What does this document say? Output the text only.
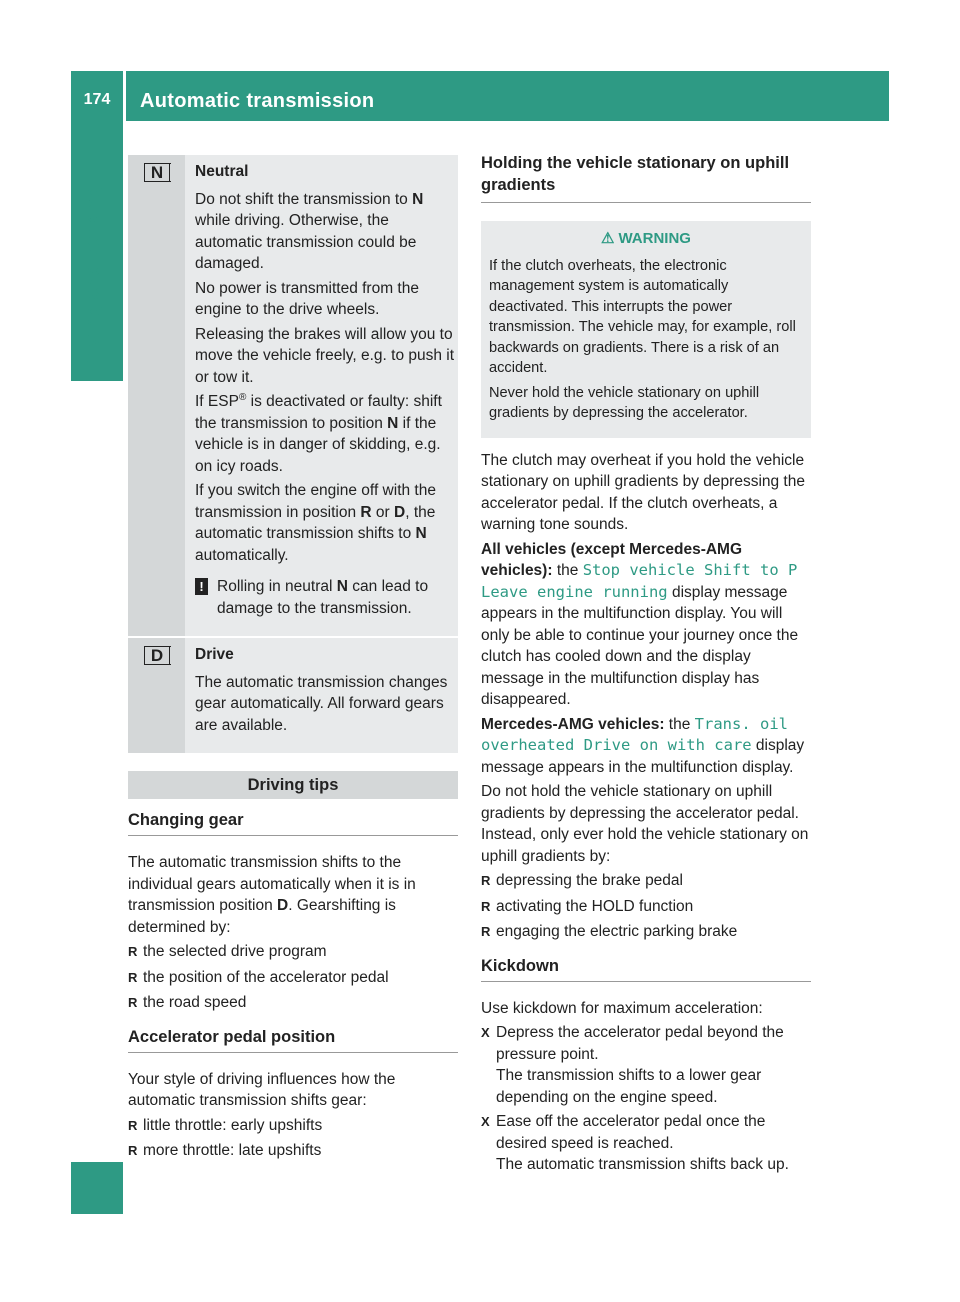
174	Automatic transmission
Driving and parking
N	Neutral

Do not shift the transmission to N while driving. Otherwise, the automatic transmission could be damaged.

No power is transmitted from the engine to the drive wheels.

Releasing the brakes will allow you to move the vehicle freely, e.g. to push it or tow it.

If ESP® is deactivated or faulty: shift the transmission to position N if the vehicle is in danger of skidding, e.g. on icy roads.

If you switch the engine off with the transmission in position R or D, the automatic transmission shifts to N automatically.

! Rolling in neutral N can lead to damage to the transmission.

D	Drive

The automatic transmission changes gear automatically. All forward gears are available.

Driving tips
Changing gear

The automatic transmission shifts to the individual gears automatically when it is in transmission position D. Gearshifting is determined by:

R the selected drive program
R the position of the accelerator pedal
R the road speed
Accelerator pedal position

Your style of driving influences how the automatic transmission shifts gear:

R little throttle: early upshifts
R more throttle: late upshifts
Holding the vehicle stationary on uphill gradients
⚠ WARNING

If the clutch overheats, the electronic management system is automatically deactivated. This interrupts the power transmission. The vehicle may, for example, roll backwards on gradients. There is a risk of an accident.

Never hold the vehicle stationary on uphill gradients by depressing the accelerator.

The clutch may overheat if you hold the vehicle stationary on uphill gradients by depressing the accelerator pedal. If the clutch overheats, a warning tone sounds.

All vehicles (except Mercedes-AMG vehicles): the Stop vehicle Shift to P Leave engine running display message appears in the multifunction display. You will only be able to continue your journey once the clutch has cooled down and the display message in the multifunction display has disappeared.

Mercedes-AMG vehicles: the Trans. oil overheated Drive on with care display message appears in the multifunction display.

Do not hold the vehicle stationary on uphill gradients by depressing the accelerator pedal. Instead, only ever hold the vehicle stationary on uphill gradients by:

R depressing the brake pedal
R activating the HOLD function
R engaging the electric parking brake
Kickdown

Use kickdown for maximum acceleration:

X Depress the accelerator pedal beyond the pressure point.
The transmission shifts to a lower gear depending on the engine speed.
X Ease off the accelerator pedal once the desired speed is reached.
The automatic transmission shifts back up.
